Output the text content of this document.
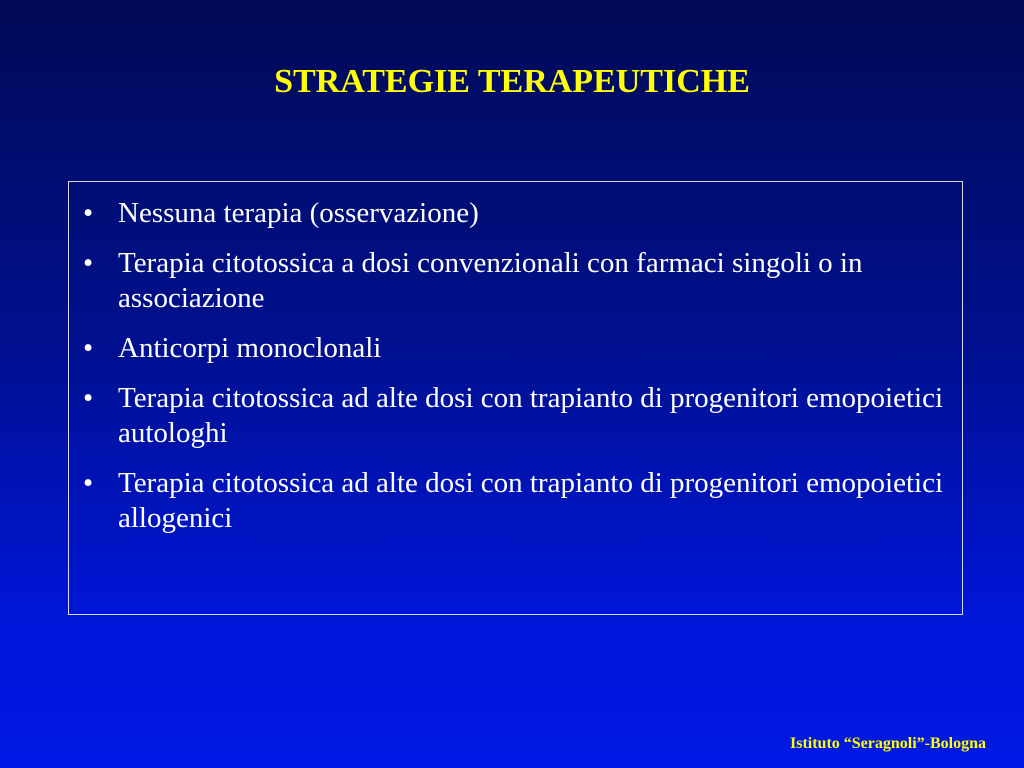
STRATEGIE TERAPEUTICHE
• Nessuna terapia (osservazione)
• Terapia citotossica a dosi convenzionali con farmaci singoli o in associazione
• Anticorpi monoclonali
• Terapia citotossica ad alte dosi con trapianto di progenitori emopoietici autologhi
• Terapia citotossica ad alte dosi con trapianto di progenitori emopoietici allogenici
Istituto “Seragnoli”-Bologna
